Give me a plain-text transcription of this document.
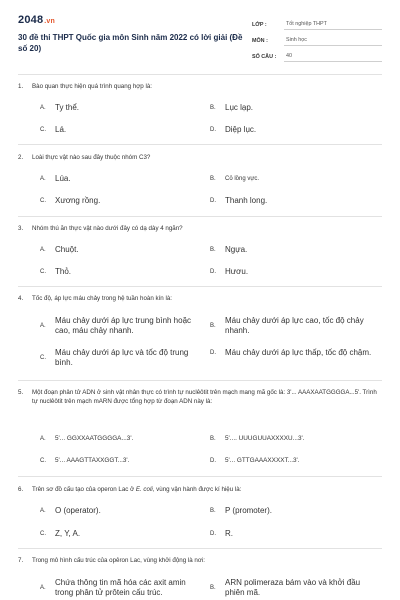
2048.vn
30 đề thi THPT Quốc gia môn Sinh năm 2022 có lời giải (Đề số 20)
LỚP :	Tốt nghiệp THPT
MÔN :	Sinh học
SỐ CÂU :	40
1.	Bào quan thực hiện quá trình quang hợp là:
A.	Ty thể.	B.	Lục lạp.
C.	Lá.	D.	Diệp lục.
2.	Loài thực vật nào sau đây thuộc nhóm C3?
A.	Lúa.	B.	Cỏ lồng vực.
C.	Xương rồng.	D.	Thanh long.
3.	Nhóm thú ăn thực vật nào dưới đây có dạ dày 4 ngăn?
A.	Chuột.	B.	Ngựa.
C.	Thỏ.	D.	Hươu.
4.	Tốc độ, áp lực máu chảy trong hệ tuần hoàn kín là:
A.
Máu chảy dưới áp lực trung bình hoặc cao, máu chảy nhanh.	B.
Máu chảy dưới áp lực cao, tốc độ chảy nhanh.
C.
Máu chảy dưới áp lực và tốc độ trung bình.
D.	Máu chảy dưới áp lực thấp, tốc độ chậm.
5.	Một đoạn phân tử ADN ở sinh vật nhân thực có trình tự nuclêôtit trên mạch mang mã gốc là: 3'... AAAXAATGGGGA...5'. Trình tự nuclêôtit trên mạch mARN được tổng hợp từ đoạn ADN này là:
A.	5'... GGXXAATGGGGA...3'.	B.	5'.... UUUGUUAXXXXU...3'.
C.	5'... AAAGTTAXXGGT...3'.	D.	5'... GTTGAAAXXXXT...3'.
6.	Trên sơ đồ cấu tạo của operon Lac ở E. coli, vùng vận hành được kí hiệu là:
A.	O (operator).	B.	P (promoter).
C.	Z, Y, A.	D.	R.
7.	Trong mô hình cấu trúc của opêron Lac, vùng khởi động là nơi:
A.
Chứa thông tin mã hóa các axit amin trong phân tử prôtein cấu trúc.	B.
ARN polimeraza bám vào và khởi đầu phiên mã.
